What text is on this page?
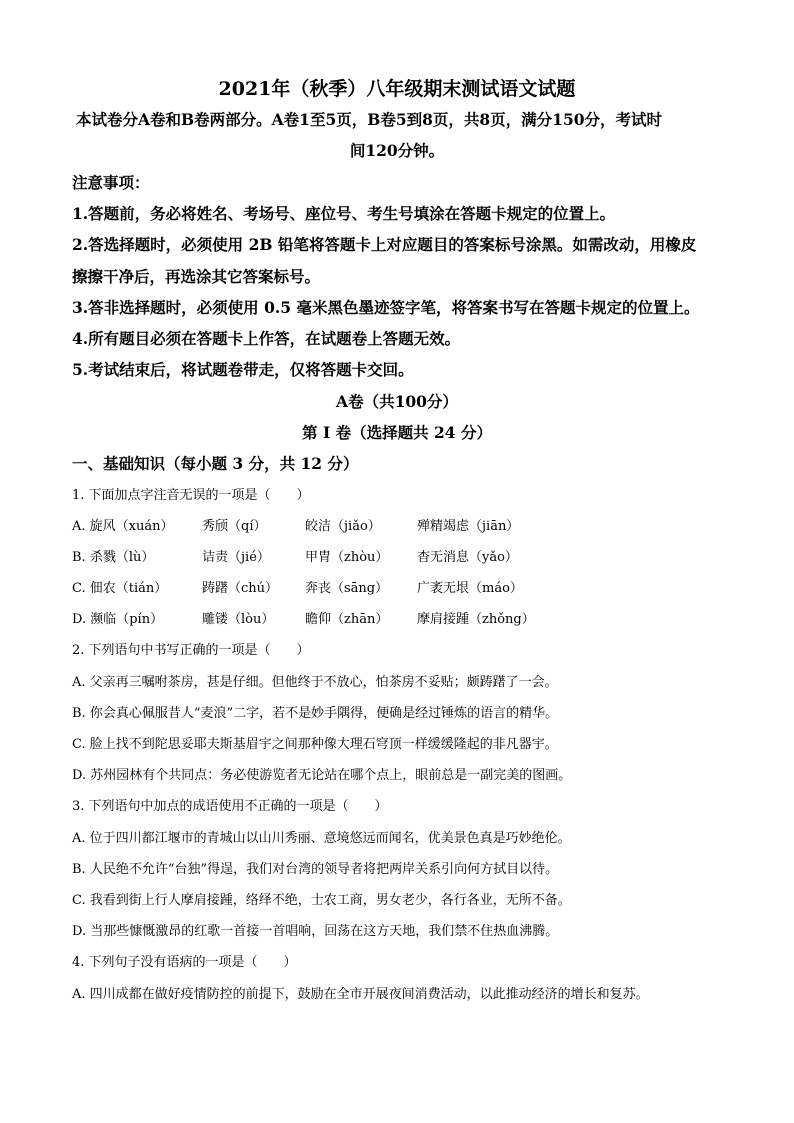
2021年（秋季）八年级期末测试语文试题
本试卷分A卷和B卷两部分。A卷1至5页，B卷5到8页，共8页，满分150分，考试时
间120分钟。
注意事项：
1.答题前，务必将姓名、考场号、座位号、考生号填涂在答题卡规定的位置上。
2.答选择题时，必须使用 2B 铅笔将答题卡上对应题目的答案标号涂黑。如需改动，用橡皮
擦擦干净后，再选涂其它答案标号。
3.答非选择题时，必须使用 0.5 毫米黑色墨迹签字笔，将答案书写在答题卡规定的位置上。
4.所有题目必须在答题卡上作答，在试题卷上答题无效。
5.考试结束后，将试题卷带走，仅将答题卡交回。
A卷（共100分）
第 I 卷（选择题共 24 分）
一、基础知识（每小题 3 分，共 12 分）
1. 下面加点字注音无误的一项是（　　）
A. 旋风（xuán） 秀颀（qí）	皎洁（jiǎo）	殚精竭虑（jiān）
B. 杀戮（lù）	诘责（jié）	甲胄（zhòu） 杳无消息（yǎo）
C. 佃农（tián）	踌躇（chú） 奔丧（sāng） 广袤无垠（máo）
D. 濒临（pín）	雕镂（lòu） 瞻仰（zhān） 摩肩接踵（zhǒng）
2. 下列语句中书写正确的一项是（　　）
A. 父亲再三嘱咐茶房，甚是仔细。但他终于不放心，怕茶房不妥贴；颇踌躇了一会。
B. 你会真心佩服昔人“麦浪”二字，若不是妙手隅得，便确是经过锤炼的语言的精华。
C. 脸上找不到陀思妥耶夫斯基眉宇之间那种像大理石穹顶一样缓缓隆起的非凡器宇。
D. 苏州园林有个共同点：务必使游览者无论站在哪个点上，眼前总是一副完美的图画。
3. 下列语句中加点的成语使用不正确的一项是（　　）
A. 位于四川都江堰市的青城山以山川秀丽、意境悠远而闻名，优美景色真是巧妙绝伦。
B. 人民绝不允许“台独”得逞，我们对台湾的领导者将把两岸关系引向何方拭目以待。
C. 我看到街上行人摩肩接踵，络绎不绝，士农工商，男女老少，各行各业，无所不备。
D. 当那些慷慨激昂的红歌一首接一首唱响，回荡在这方天地，我们禁不住热血沸腾。
4. 下列句子没有语病的一项是（　　）
A. 四川成都在做好疫情防控的前提下，鼓励在全市开展夜间消费活动，以此推动经济的增长和复苏。
